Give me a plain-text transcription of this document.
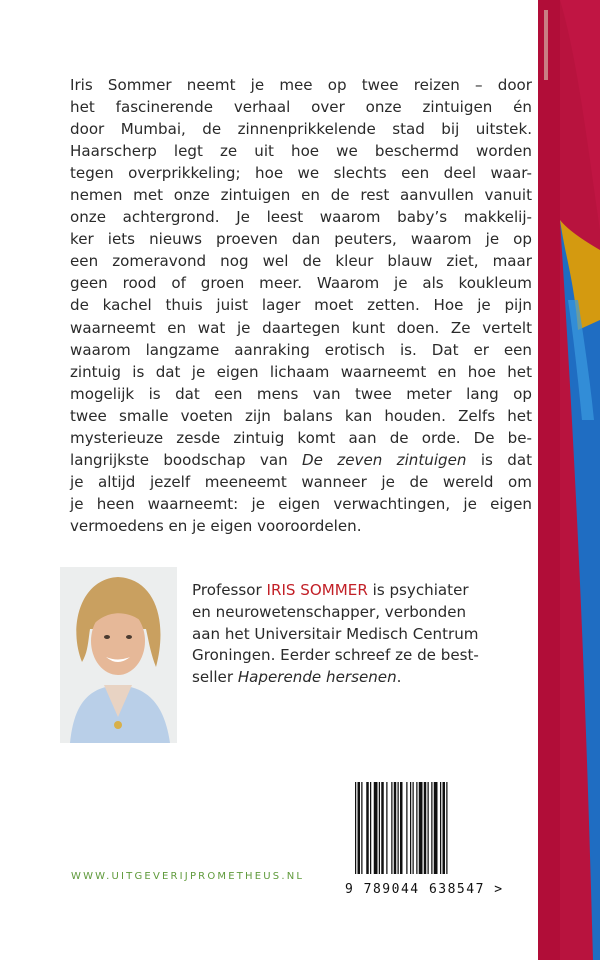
Iris Sommer neemt je mee op twee reizen – door
het fascinerende verhaal over onze zintuigen én
door Mumbai, de zinnenprikkelende stad bij uitstek.
Haarscherp legt ze uit hoe we beschermd worden
tegen overprikkeling; hoe we slechts een deel waar-
nemen met onze zintuigen en de rest aanvullen vanuit
onze achtergrond. Je leest waarom baby’s makkelij-
ker iets nieuws proeven dan peuters, waarom je op
een zomeravond nog wel de kleur blauw ziet, maar
geen rood of groen meer. Waarom je als koukleum
de kachel thuis juist lager moet zetten. Hoe je pijn
waarneemt en wat je daartegen kunt doen. Ze vertelt
waarom langzame aanraking erotisch is. Dat er een
zintuig is dat je eigen lichaam waarneemt en hoe het
mogelijk is dat een mens van twee meter lang op
twee smalle voeten zijn balans kan houden. Zelfs het
mysterieuze zesde zintuig komt aan de orde. De be-
langrijkste boodschap van De zeven zintuigen is dat
je altijd jezelf meeneemt wanneer je de wereld om
je heen waarneemt: je eigen verwachtingen, je eigen
vermoedens en je eigen vooroordelen.
Professor IRIS SOMMER is psychiater
en neurowetenschapper, verbonden
aan het Universitair Medisch Centrum
Groningen. Eerder schreef ze de best-
seller Haperende hersenen.
WWW.UITGEVERIJPROMETHEUS.NL
9 789044 638547 >
